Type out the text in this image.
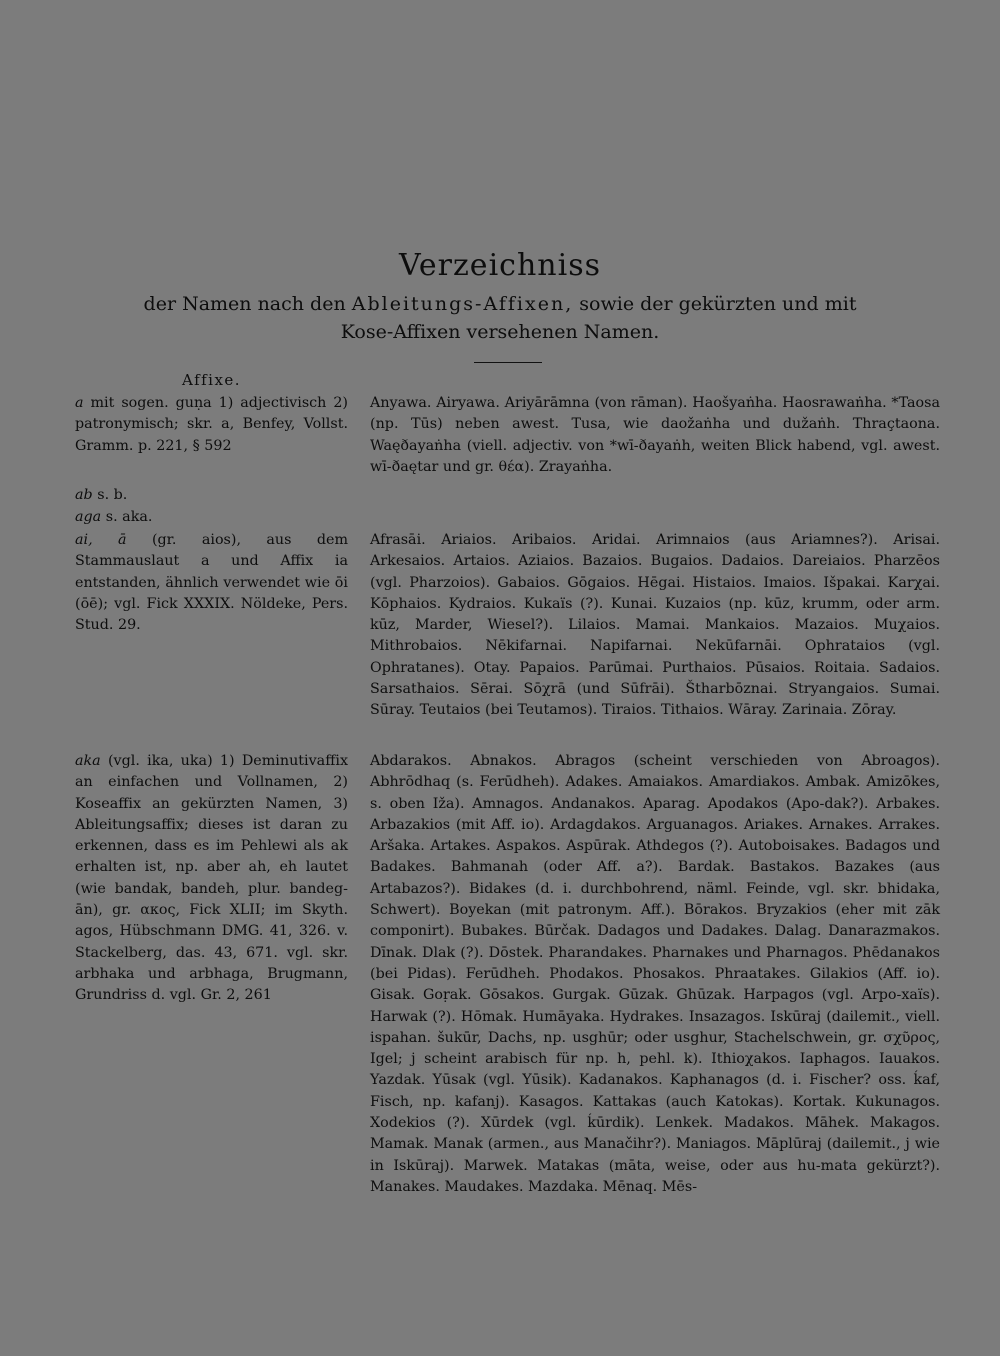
Verzeichniss
der Namen nach den Ableitungs-Affixen, sowie der gekürzten und mit
Kose-Affixen versehenen Namen.
Affixe.
a mit sogen. guṇa 1) adjectivisch 2) patronymisch; skr. a, Benfey, Vollst. Gramm. p. 221, § 592
Anyawa. Airyawa. Ariyārāmna (von rāman). Haošyaṅha. Haosrawaṅha. *Taosa (np. Tūs) neben awest. Tusa, wie daožaṅha und dužaṅh. Thraçtaona. Waęðayaṅha (viell. adjectiv. von *wī-ðayaṅh, weiten Blick habend, vgl. awest. wī-ðaętar und gr. θέα). Zrayaṅha.
ab s. b.
aga s. aka.
ai, ā (gr. aios), aus dem Stammauslaut a und Affix ia entstanden, ähnlich verwendet wie ōi (ōē); vgl. Fick XXXIX. Nöldeke, Pers. Stud. 29.
Afrasāi. Ariaios. Aribaios. Aridai. Arimnaios (aus Ariamnes?). Arisai. Arkesaios. Artaios. Aziaios. Bazaios. Bugaios. Dadaios. Dareiaios. Pharzēos (vgl. Pharzoios). Gabaios. Gōgaios. Hēgai. Histaios. Imaios. Išpakai. Karχai. Kōphaios. Kydraios. Kukaïs (?). Kunai. Kuzaios (np. kūz, krumm, oder arm. kūz, Marder, Wiesel?). Lilaios. Mamai. Mankaios. Mazaios. Muχaios. Mithrobaios. Nēkifarnai. Napifarnai. Nekūfarnāi. Ophrataios (vgl. Ophratanes). Otay. Papaios. Parūmai. Purthaios. Pūsaios. Roitaia. Sadaios. Sarsathaios. Sērai. Sōχrā (und Sūfrāi). Štharbōznai. Stryangaios. Sumai. Sūray. Teutaios (bei Teutamos). Tiraios. Tithaios. Wāray. Zarinaia. Zōray.
aka (vgl. ika, uka) 1) Deminutivaffix an einfachen und Vollnamen, 2) Koseaffix an gekürzten Namen, 3) Ableitungsaffix; dieses ist daran zu erkennen, dass es im Pehlewi als ak erhalten ist, np. aber ah, eh lautet (wie bandak, bandeh, plur. bandeg-ān), gr. ακος, Fick XLII; im Skyth. agos, Hübschmann DMG. 41, 326. v. Stackelberg, das. 43, 671. vgl. skr. arbhaka und arbhaga, Brugmann, Grundriss d. vgl. Gr. 2, 261
Abdarakos. Abnakos. Abragos (scheint verschieden von Abroagos). Abhrōdhaq (s. Ferūdheh). Adakes. Amaiakos. Amardiakos. Ambak. Amizōkes, s. oben Iža). Amnagos. Andanakos. Aparag. Apodakos (Apo-dak?). Arbakes. Arbazakios (mit Aff. io). Ardagdakos. Arguanagos. Ariakes. Arnakes. Arrakes. Aršaka. Artakes. Aspakos. Aspūrak. Athdegos (?). Autoboisakes. Badagos und Badakes. Bahmanah (oder Aff. a?). Bardak. Bastakos. Bazakes (aus Artabazos?). Bidakes (d. i. durchbohrend, näml. Feinde, vgl. skr. bhidaka, Schwert). Boyekan (mit patronym. Aff.). Bōrakos. Bryzakios (eher mit zāk componirt). Bubakes. Būrčak. Dadagos und Dadakes. Dalag. Danarazmakos. Dīnak. Dlak (?). Dōstek. Pharandakes. Pharnakes und Pharnagos. Phēdanakos (bei Pidas). Ferūdheh. Phodakos. Phosakos. Phraatakes. Gilakios (Aff. io). Gisak. Goṛak. Gōsakos. Gurgak. Gūzak. Ghūzak. Harpagos (vgl. Arpo-xaïs). Harwak (?). Hōmak. Humāyaka. Hydrakes. Insazagos. Iskūraj (dailemit., viell. ispahan. šukūr, Dachs, np. usghūr; oder usghur, Stachelschwein, gr. σχῦρος, Igel; j scheint arabisch für np. h, pehl. k). Ithioχakos. Iaphagos. Iauakos. Yazdak. Yūsak (vgl. Yūsik). Kadanakos. Kaphanagos (d. i. Fischer? oss. ḱaf, Fisch, np. kafanj). Kasagos. Kattakas (auch Katokas). Kortak. Kukunagos. Xodekios (?). Xūrdek (vgl. ḱūrdik). Lenkek. Madakos. Māhek. Makagos. Mamak. Manak (armen., aus Manačihr?). Maniagos. Māplūraj (dailemit., j wie in Iskūraj). Marwek. Matakas (māta, weise, oder aus hu-mata gekürzt?). Manakes. Maudakes. Mazdaka. Mēnaq. Mēs-
